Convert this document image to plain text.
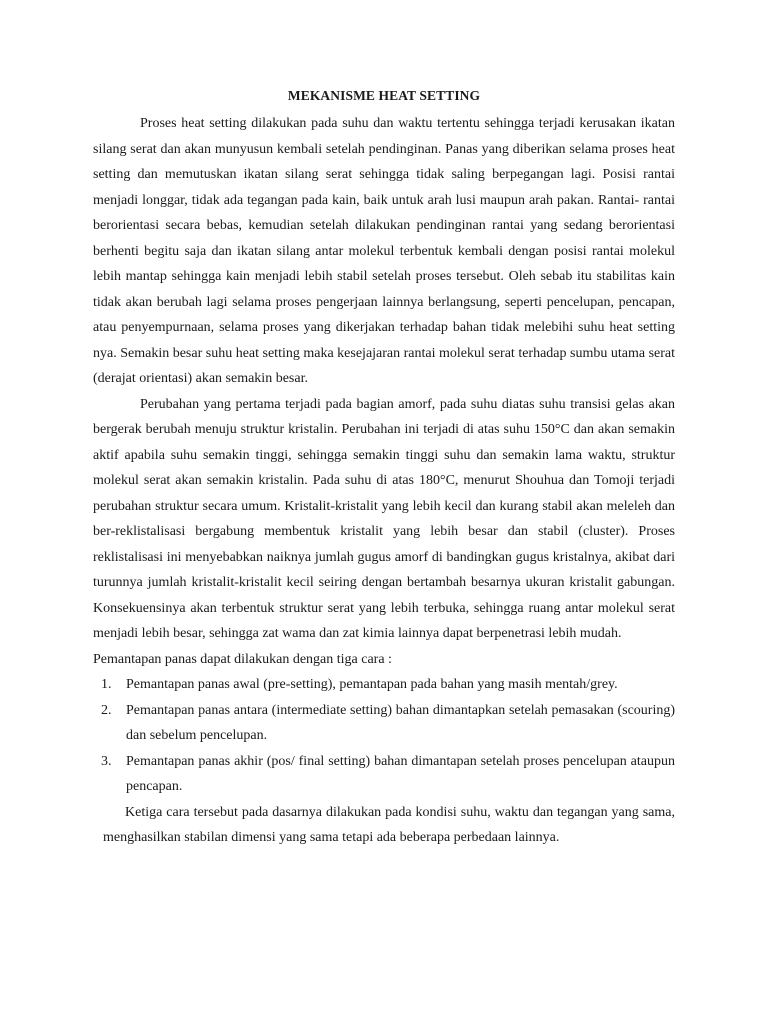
MEKANISME HEAT SETTING

Proses heat setting dilakukan pada suhu dan waktu tertentu sehingga terjadi kerusakan ikatan silang serat dan akan munyusun kembali setelah pendinginan. Panas yang diberikan selama proses heat setting dan memutuskan ikatan silang serat sehingga tidak saling berpegangan lagi. Posisi rantai menjadi longgar, tidak ada tegangan pada kain, baik untuk arah lusi maupun arah pakan. Rantai- rantai berorientasi secara bebas, kemudian setelah dilakukan pendinginan rantai yang sedang berorientasi berhenti begitu saja dan ikatan silang antar molekul terbentuk kembali dengan posisi rantai molekul lebih mantap sehingga kain menjadi lebih stabil setelah proses tersebut. Oleh sebab itu stabilitas kain tidak akan berubah lagi selama proses pengerjaan lainnya berlangsung, seperti pencelupan, pencapan, atau penyempurnaan, selama proses yang dikerjakan terhadap bahan tidak melebihi suhu heat setting nya. Semakin besar suhu heat setting maka kesejajaran rantai molekul serat terhadap sumbu utama serat (derajat orientasi) akan semakin besar.

Perubahan yang pertama terjadi pada bagian amorf, pada suhu diatas suhu transisi gelas akan bergerak berubah menuju struktur kristalin. Perubahan ini terjadi di atas suhu 150°C dan akan semakin aktif apabila suhu semakin tinggi, sehingga semakin tinggi suhu dan semakin lama waktu, struktur molekul serat akan semakin kristalin. Pada suhu di atas 180°C, menurut Shouhua dan Tomoji terjadi perubahan struktur secara umum. Kristalit-kristalit yang lebih kecil dan kurang stabil akan meleleh dan ber-reklistalisasi bergabung membentuk kristalit yang lebih besar dan stabil (cluster). Proses reklistalisasi ini menyebabkan naiknya jumlah gugus amorf di bandingkan gugus kristalnya, akibat dari turunnya jumlah kristalit-kristalit kecil seiring dengan bertambah besarnya ukuran kristalit gabungan. Konsekuensinya akan terbentuk struktur serat yang lebih terbuka, sehingga ruang antar molekul serat menjadi lebih besar, sehingga zat wama dan zat kimia lainnya dapat berpenetrasi lebih mudah.

Pemantapan panas dapat dilakukan dengan tiga cara :

1. Pemantapan panas awal (pre-setting), pemantapan pada bahan yang masih mentah/grey.
2. Pemantapan panas antara (intermediate setting) bahan dimantapkan setelah pemasakan (scouring) dan sebelum pencelupan.
3. Pemantapan panas akhir (pos/ final setting) bahan dimantapan setelah proses pencelupan ataupun pencapan.

Ketiga cara tersebut pada dasarnya dilakukan pada kondisi suhu, waktu dan tegangan yang sama, menghasilkan stabilan dimensi yang sama tetapi ada beberapa perbedaan lainnya.
